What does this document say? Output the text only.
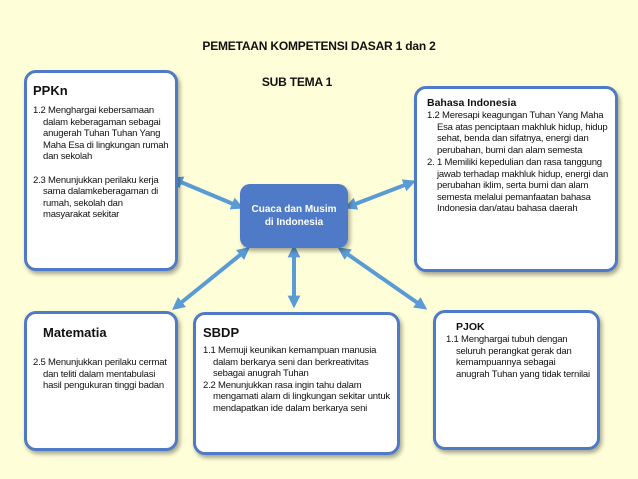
PEMETAAN KOMPETENSI DASAR 1 dan 2
SUB TEMA 1
Cuaca dan Musim
di Indonesia
PPKn
1.2 Menghargai kebersamaan dalam keberagaman sebagai anugerah Tuhan Tuhan Yang Maha Esa di lingkungan rumah dan sekolah
2.3 Menunjukkan perilaku kerja sama dalamkeberagaman di rumah, sekolah dan masyarakat sekitar
Bahasa Indonesia
1.2 Meresapi keagungan Tuhan Yang Maha Esa atas penciptaan makhluk hidup, hidup sehat, benda dan sifatnya, energi dan perubahan, bumi dan alam semesta
2. 1 Memiliki kepedulian dan rasa tanggung jawab terhadap makhluk hidup, energi dan perubahan iklim, serta bumi dan alam semesta melalui pemanfaatan bahasa Indonesia dan/atau bahasa daerah
Matematia
2.5 Menunjukkan perilaku cermat dan teliti dalam mentabulasi hasil pengukuran tinggi badan
SBDP
1.1 Memuji keunikan kemampuan manusia dalam berkarya seni dan berkreativitas sebagai anugrah Tuhan
2.2 Menunjukkan rasa ingin tahu dalam mengamati alam di lingkungan sekitar untuk mendapatkan ide dalam berkarya seni
PJOK
1.1 Menghargai tubuh dengan seluruh perangkat gerak dan kemampuannya sebagai anugrah Tuhan yang tidak ternilai
